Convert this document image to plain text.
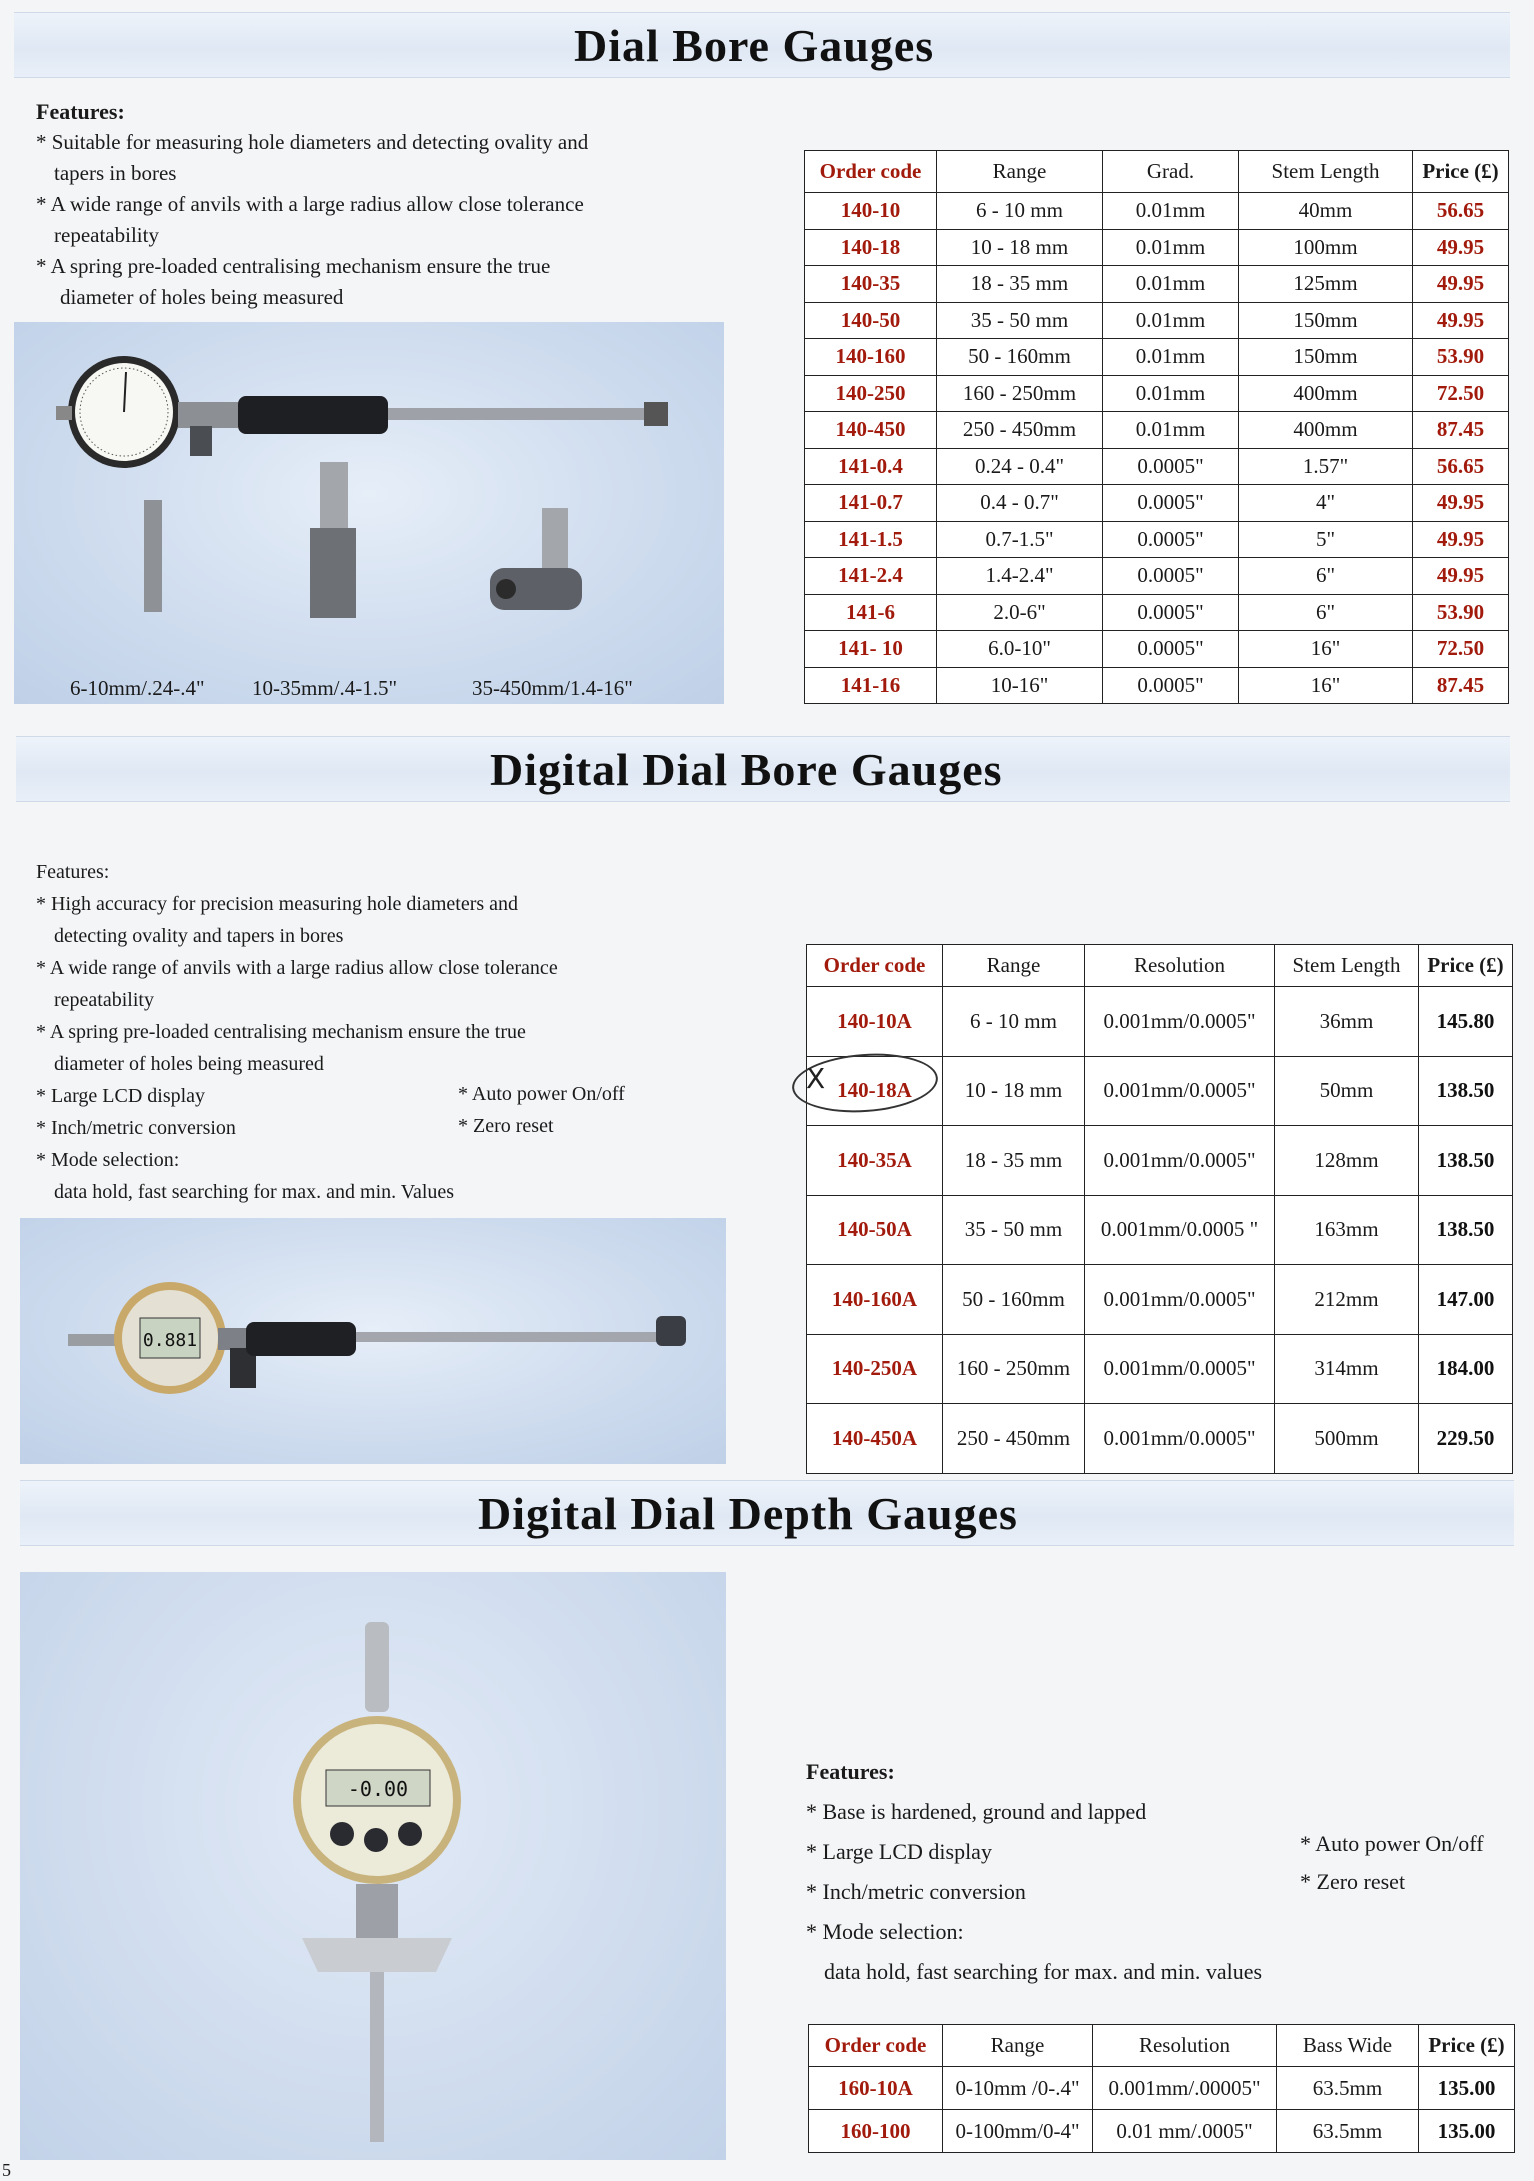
Dial Bore Gauges

Features:

* Suitable for measuring hole diameters and detecting ovality and

tapers in bores

* A wide range of anvils with a large radius allow close tolerance

repeatability

* A spring pre-loaded centralising mechanism ensure the true

diameter of holes being measured

6-10mm/.24-.4" 10-35mm/.4-1.5"	35-450mm/1.4-16"
Order code	Range	Grad.	Stem Length	Price (£)
140-10	6 - 10 mm	0.01mm	40mm	56.65
140-18	10 - 18 mm	0.01mm	100mm	49.95
140-35	18 - 35 mm	0.01mm	125mm	49.95
140-50	35 - 50 mm	0.01mm	150mm	49.95
140-160	50 - 160mm	0.01mm	150mm	53.90
140-250	160 - 250mm	0.01mm	400mm	72.50
140-450	250 - 450mm	0.01mm	400mm	87.45
141-0.4	0.24 - 0.4"	0.0005"	1.57"	56.65
141-0.7	0.4 - 0.7"	0.0005"	4"	49.95
141-1.5	0.7-1.5"	0.0005"	5"	49.95
141-2.4	1.4-2.4"	0.0005"	6"	49.95
141-6	2.0-6"	0.0005"	6"	53.90
141- 10	6.0-10"	0.0005"	16"	72.50
141-16	10-16"	0.0005"	16"	87.45
Digital Dial Bore Gauges

Features:

* High accuracy for precision measuring hole diameters and

detecting ovality and tapers in bores

* A wide range of anvils with a large radius allow close tolerance

repeatability

* A spring pre-loaded centralising mechanism ensure the true

diameter of holes being measured

* Large LCD display

* Inch/metric conversion

* Auto power On/off

* Zero reset

* Mode selection:

data hold, fast searching for max. and min. Values

0.881
Order code	Range	Resolution	Stem Length	Price (£)
140-10A	6 - 10 mm	0.001mm/0.0005"	36mm	145.80
140-18A	10 - 18 mm	0.001mm/0.0005"	50mm	138.50
140-35A	18 - 35 mm	0.001mm/0.0005"	128mm	138.50
140-50A	35 - 50 mm	0.001mm/0.0005 "	163mm	138.50
140-160A	50 - 160mm	0.001mm/0.0005"	212mm	147.00
140-250A	160 - 250mm	0.001mm/0.0005"	314mm	184.00
140-450A	250 - 450mm	0.001mm/0.0005"	500mm	229.50
X
Digital Dial Depth Gauges
-0.00

Features:

* Base is hardened, ground and lapped

* Large LCD display

* Inch/metric conversion

* Mode selection:

data hold, fast searching for max. and min. values

* Auto power On/off

* Zero reset

Order code	Range	Resolution	Bass Wide	Price (£)
160-10A	0-10mm /0-.4"	0.001mm/.00005"	63.5mm	135.00
160-100	0-100mm/0-4"	0.01 mm/.0005"	63.5mm	135.00
5
